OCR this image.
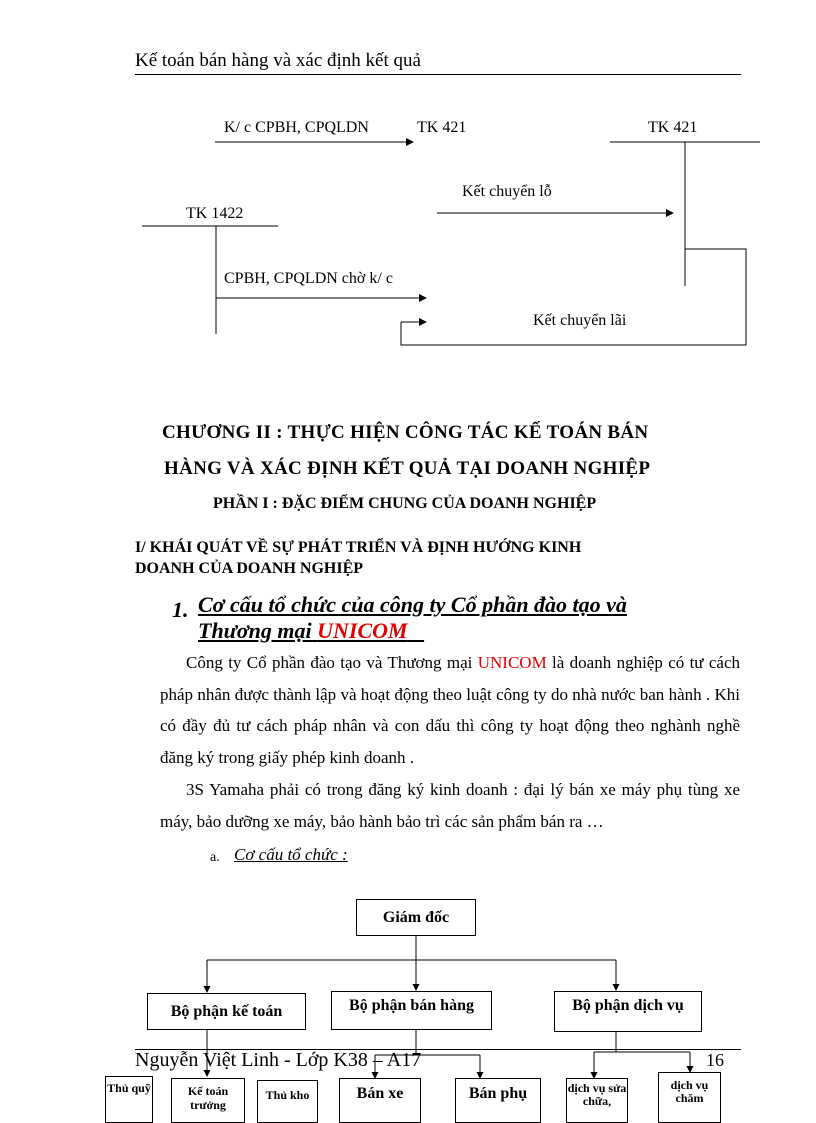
Kế toán bán hàng và xác định kết quả
K/ c CPBH, CPQLDN	TK 421	TK 421
TK 1422
Kết chuyển lỗ
CPBH, CPQLDN chờ k/ c
Kết chuyển lãi
CHƯƠNG II : THỰC HIỆN CÔNG TÁC KẾ TOÁN BÁN
HÀNG VÀ XÁC ĐỊNH KẾT QUẢ TẠI DOANH NGHIỆP
PHẦN I : ĐẶC ĐIỂM CHUNG CỦA DOANH NGHIỆP
I/ KHÁI QUÁT VỀ SỰ PHÁT TRIỂN VÀ ĐỊNH HƯỚNG KINH
DOANH CỦA DOANH NGHIỆP
1. Cơ cấu tổ chức của công ty Cổ phần đào tạo và
Thương mại UNICOM

Công ty Cổ phần đào tạo và Thương mại UNICOM là doanh nghiệp có tư cách pháp nhân được thành lập và hoạt động theo luật công ty do nhà nước ban hành . Khi có đầy đủ tư cách pháp nhân và con dấu thì công ty hoạt động theo nghành nghề đăng ký trong giấy phép kinh doanh .

3S Yamaha phải có trong đăng ký kinh doanh : đại lý bán xe máy phụ tùng xe máy, bảo dưỡng xe máy, bảo hành bảo trì các sản phẩm bán ra …

a. Cơ cấu tổ chức :
Giám đốc
Bộ phận kế toán	Bộ phận bán hàng	Bộ phận dịch vụ
Thủ quỹ	Kế toán trưởng
Thủ kho	Bán xe	Bán phụ	dịch vụ sửa chữa,
dịch vụ chăm
Nguyễn Việt Linh - Lớp K38 – A17	16
